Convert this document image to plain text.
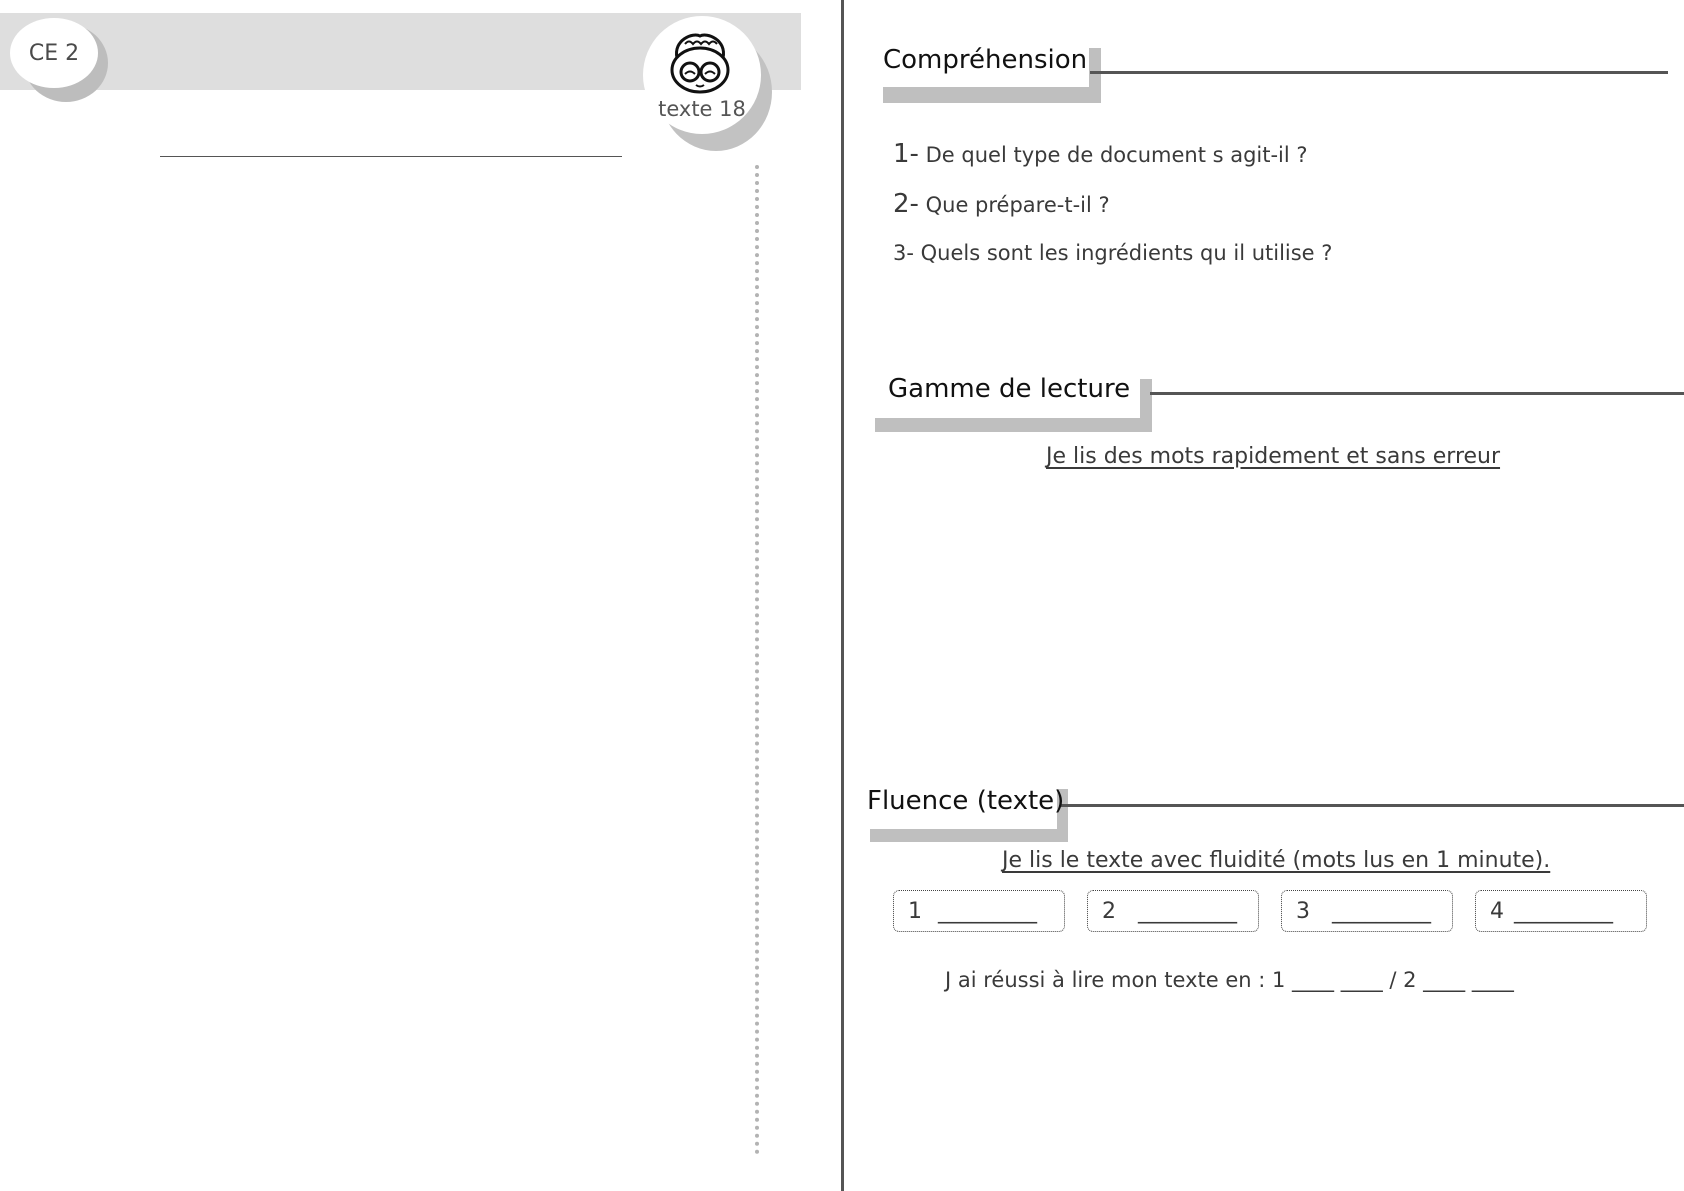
CE 2
texte 18
Compréhension
1- De quel type de document s agit-il ?
2- Que prépare-t-il ?
3- Quels sont les ingrédients qu il utilise ?
Gamme de lecture
Je lis des mots rapidement et sans erreur
Fluence (texte)
Je lis le texte avec fluidité (mots lus en 1 minute).
1 _________	2 _________	3 _________	4 _________
J ai réussi à lire mon texte en : 1 ____ ____ / 2 ____ ____
